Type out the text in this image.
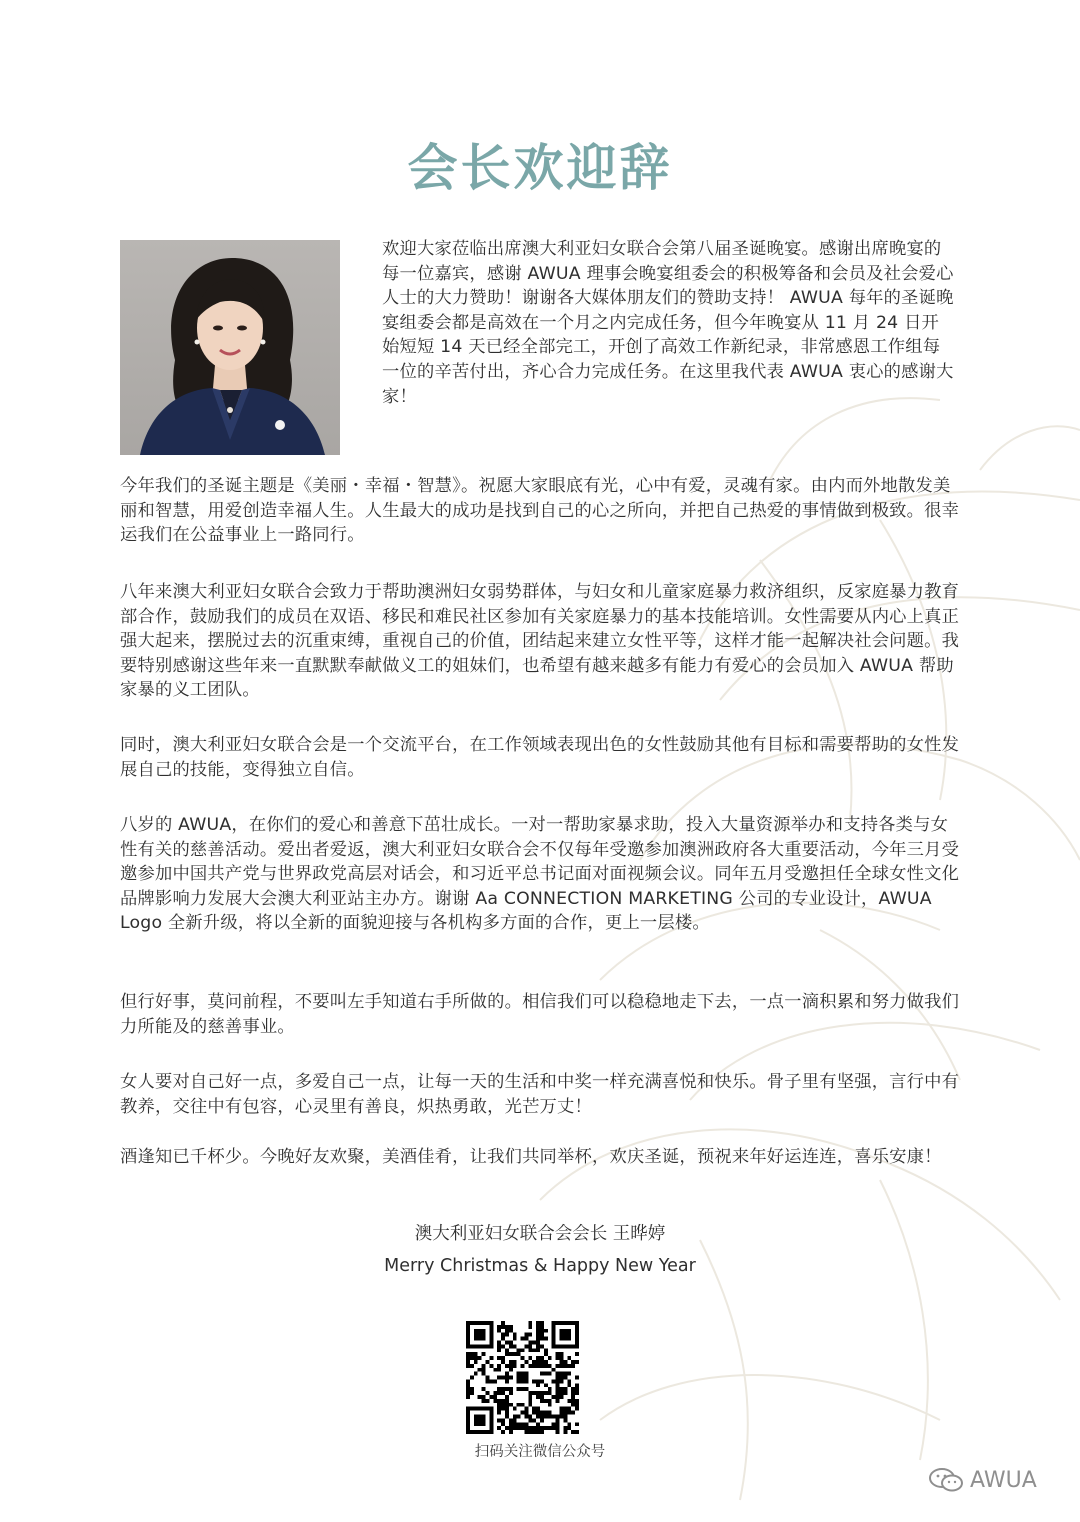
会长欢迎辞
欢迎大家莅临出席澳大利亚妇女联合会第八届圣诞晚宴。感谢出席晚宴的每一位嘉宾，感谢 AWUA 理事会晚宴组委会的积极筹备和会员及社会爱心人士的大力赞助！谢谢各大媒体朋友们的赞助支持！ AWUA 每年的圣诞晚宴组委会都是高效在一个月之内完成任务，但今年晚宴从 11 月 24 日开始短短 14 天已经全部完工，开创了高效工作新纪录，非常感恩工作组每一位的辛苦付出，齐心合力完成任务。在这里我代表 AWUA 衷心的感谢大家！
今年我们的圣诞主题是《美丽・幸福・智慧》。祝愿大家眼底有光，心中有爱，灵魂有家。由内而外地散发美丽和智慧，用爱创造幸福人生。人生最大的成功是找到自己的心之所向，并把自己热爱的事情做到极致。很幸运我们在公益事业上一路同行。
八年来澳大利亚妇女联合会致力于帮助澳洲妇女弱势群体，与妇女和儿童家庭暴力救济组织，反家庭暴力教育部合作，鼓励我们的成员在双语、移民和难民社区参加有关家庭暴力的基本技能培训。女性需要从内心上真正强大起来，摆脱过去的沉重束缚，重视自己的价值，团结起来建立女性平等，这样才能一起解决社会问题。我要特别感谢这些年来一直默默奉献做义工的姐妹们，也希望有越来越多有能力有爱心的会员加入 AWUA 帮助家暴的义工团队。
同时，澳大利亚妇女联合会是一个交流平台，在工作领域表现出色的女性鼓励其他有目标和需要帮助的女性发展自己的技能，变得独立自信。
八岁的 AWUA，在你们的爱心和善意下茁壮成长。一对一帮助家暴求助，投入大量资源举办和支持各类与女性有关的慈善活动。爱出者爱返，澳大利亚妇女联合会不仅每年受邀参加澳洲政府各大重要活动，今年三月受邀参加中国共产党与世界政党高层对话会，和习近平总书记面对面视频会议。同年五月受邀担任全球女性文化品牌影响力发展大会澳大利亚站主办方。谢谢 Aa CONNECTION MARKETING 公司的专业设计，AWUA Logo 全新升级，将以全新的面貌迎接与各机构多方面的合作，更上一层楼。
但行好事，莫问前程，不要叫左手知道右手所做的。相信我们可以稳稳地走下去，一点一滴积累和努力做我们力所能及的慈善事业。
女人要对自己好一点，多爱自己一点，让每一天的生活和中奖一样充满喜悦和快乐。骨子里有坚强，言行中有教养，交往中有包容，心灵里有善良，炽热勇敢，光芒万丈！
酒逢知已千杯少。今晚好友欢聚，美酒佳肴，让我们共同举杯，欢庆圣诞，预祝来年好运连连，喜乐安康！
澳大利亚妇女联合会会长 王晔婷
Merry Christmas & Happy New Year
扫码关注微信公众号
AWUA
